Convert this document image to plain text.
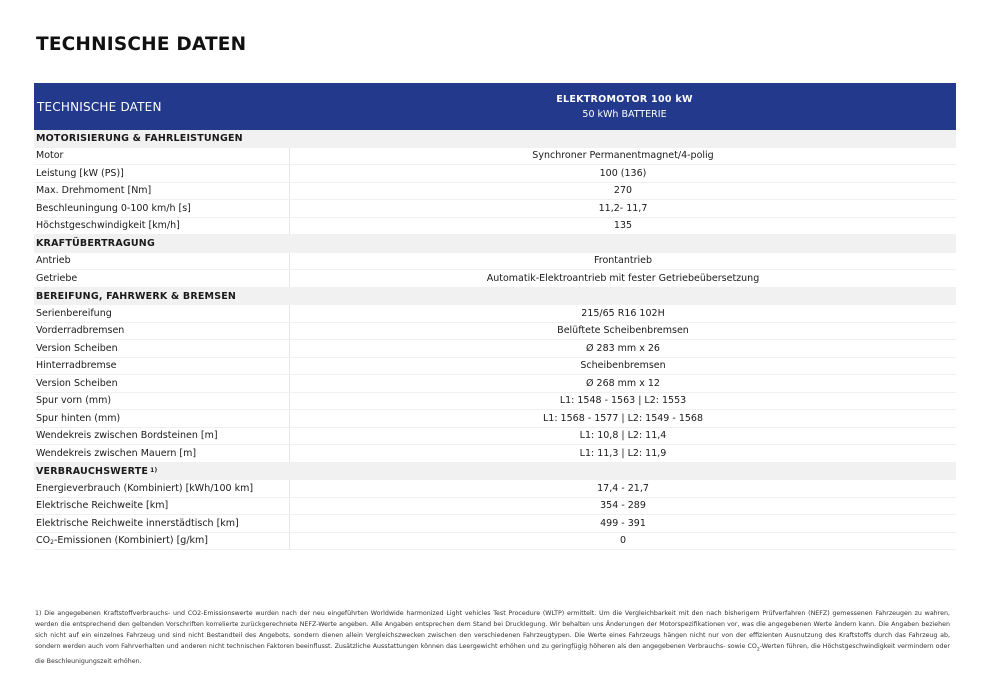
TECHNISCHE DATEN
TECHNISCHE DATEN
ELEKTROMOTOR 100 kW
50 kWh BATTERIE
MOTORISIERUNG & FAHRLEISTUNGEN
Motor	Synchroner Permanentmagnet/4-polig
Leistung [kW (PS)]	100 (136)
Max. Drehmoment [Nm]	270
Beschleuningung 0-100 km/h [s]	11,2- 11,7
Höchstgeschwindigkeit [km/h]	135
KRAFTÜBERTRAGUNG
Antrieb	Frontantrieb
Getriebe	Automatik-Elektroantrieb mit fester Getriebeübersetzung
BEREIFUNG, FAHRWERK & BREMSEN
Serienbereifung	215/65 R16 102H
Vorderradbremsen	Belüftete Scheibenbremsen
Version Scheiben	Ø 283 mm x 26
Hinterradbremse	Scheibenbremsen
Version Scheiben	Ø 268 mm x 12
Spur vorn (mm)	L1: 1548 - 1563 | L2: 1553
Spur hinten (mm)	L1: 1568 - 1577 | L2: 1549 - 1568
Wendekreis zwischen Bordsteinen [m]	L1: 10,8 | L2: 11,4
Wendekreis zwischen Mauern [m]	L1: 11,3 | L2: 11,9
VERBRAUCHSWERTE $^{1)}$
Energieverbrauch (Kombiniert) [kWh/100 km]	17,4 - 21,7
Elektrische Reichweite [km]	354 - 289
Elektrische Reichweite innerstädtisch [km]	499 - 391
CO 2 -Emissionen (Kombiniert) [g/km]	0

1) Die angegebenen Kraftstoffverbrauchs- und CO2-Emissionswerte wurden nach der neu eingeführten Worldwide harmonized Light vehicles Test Procedure (WLTP) ermittelt. Um die Vergleichbarkeit mit den nach bisherigem Prüfverfahren (NEFZ) gemessenen Fahrzeugen zu wahren, werden die entsprechend den geltenden Vorschriften korrelierte zurückgerechnete NEFZ-Werte angeben. Alle Angaben entsprechen dem Stand bei Drucklegung. Wir behalten uns Änderungen der Motorspezifikationen vor, was die angegebenen Werte ändern kann. Die Angaben beziehen sich nicht auf ein einzelnes Fahrzeug und sind nicht Bestandteil des Angebots, sondern dienen allein Vergleichszwecken zwischen den verschiedenen Fahrzeugtypen. Die Werte eines Fahrzeugs hängen nicht nur von der effizienten Ausnutzung des Kraftstoffs durch das Fahrzeug ab, sondern werden auch vom Fahrverhalten und anderen nicht technischen Faktoren beeinflusst. Zusätzliche Ausstattungen können das Leergewicht erhöhen und zu geringfügig höheren als den angegebenen Verbrauchs- sowie $CO_2$-Werten führen, die Höchstgeschwindigkeit vermindern oder die Beschleunigungszeit erhöhen.
